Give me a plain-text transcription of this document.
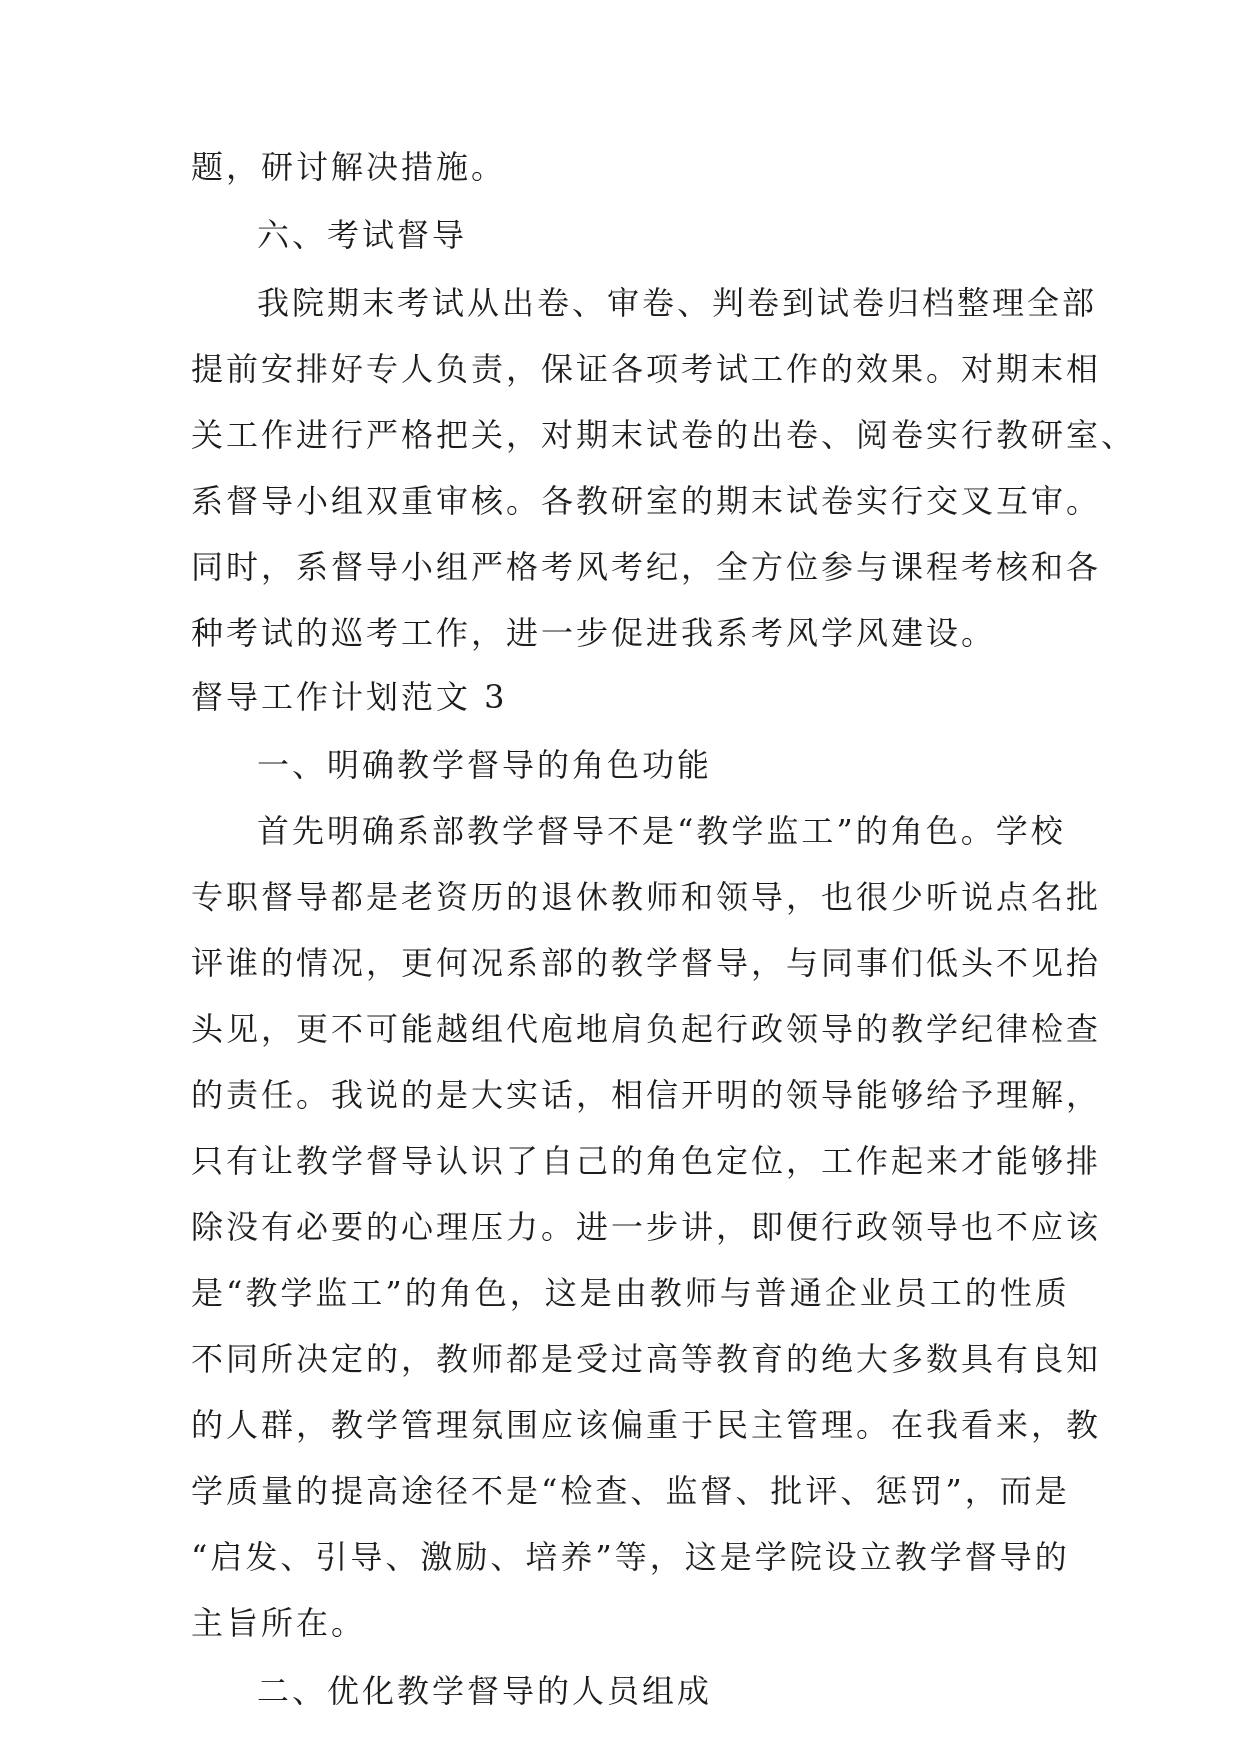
题，研讨解决措施。
六、考试督导
我院期末考试从出卷、审卷、判卷到试卷归档整理全部
提前安排好专人负责，保证各项考试工作的效果。对期末相
关工作进行严格把关，对期末试卷的出卷、阅卷实行教研室、
系督导小组双重审核。各教研室的期末试卷实行交叉互审。
同时，系督导小组严格考风考纪，全方位参与课程考核和各
种考试的巡考工作，进一步促进我系考风学风建设。
督导工作计划范文 3
一、明确教学督导的角色功能
首先明确系部教学督导不是“教学监工”的角色。学校
专职督导都是老资历的退休教师和领导，也很少听说点名批
评谁的情况，更何况系部的教学督导，与同事们低头不见抬
头见，更不可能越组代庖地肩负起行政领导的教学纪律检查
的责任。我说的是大实话，相信开明的领导能够给予理解，
只有让教学督导认识了自己的角色定位，工作起来才能够排
除没有必要的心理压力。进一步讲，即便行政领导也不应该
是“教学监工”的角色，这是由教师与普通企业员工的性质
不同所决定的，教师都是受过高等教育的绝大多数具有良知
的人群，教学管理氛围应该偏重于民主管理。在我看来，教
学质量的提高途径不是“检查、监督、批评、惩罚”，而是
“启发、引导、激励、培养”等，这是学院设立教学督导的
主旨所在。
二、优化教学督导的人员组成
